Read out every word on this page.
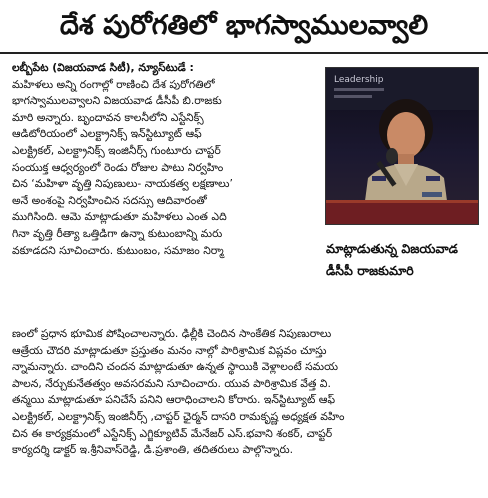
దేశ పురోగతిలో భాగస్వాములవ్వాలి
లబ్బీపేట (విజయవాడ సిటీ), న్యూస్‌టుడే :
మహిళలు అన్ని రంగాల్లో రాణించి దేశ పురోగతిలో
భాగస్వాములవ్వాలని విజయవాడ డీసీపీ బి.రాజకు
మారి అన్నారు. బృందావన కాలనీలోని ఎస్టేనిక్స్
ఆడిటోరియంలో ఎలక్ట్రానిక్స్ ఇన్‌స్టిట్యూట్ ఆఫ్
ఎలక్ట్రికల్, ఎలక్ట్రానిక్స్ ఇంజినీర్స్ గుంటూరు చాప్టర్
సంయుక్త ఆధ్వర్యంలో రెండు రోజుల పాటు నిర్వహిం
చిన ‘మహిళా వృత్తి నిపుణులు- నాయకత్వ లక్షణాలు’
అనే అంశంపై నిర్వహించిన సదస్సు ఆదివారంతో
ముగిసింది. ఆమె మాట్లాడుతూ మహిళలు ఎంత ఎది
గినా వృత్తి రీత్యా ఒత్తిడిగా ఉన్నా కుటుంబాన్ని మరు
వకూడదని సూచించారు. కుటుంబం, సమాజం నిర్మా
Leadership
మాట్లాడుతున్న విజయవాడ
డీసీపీ రాజకుమారి
ణంలో ప్రధాన భూమిక పోషించాలన్నారు. ఢిల్లీకి చెందిన సాంకేతిక నిపుణురాలు
ఆత్రేయ చౌదరి మాట్లాడుతూ ప్రస్తుతం మనం నాల్గో పారిశ్రామిక విప్లవం చూస్తు
న్నామన్నారు. చాందిని చందన మాట్లాడుతూ ఉన్నత స్థాయికి వెళ్లాలంటే సమయ
పాలన, నేర్చుకునేతత్వం అవసరమని సూచించారు. యువ పారిశ్రామిక వేత్త వి.
తన్మయి మాట్లాడుతూ పనిచేసే పనిని ఆరాధించాలని కోరారు. ఇన్‌స్టిట్యూట్ ఆఫ్
ఎలక్ట్రికల్, ఎలక్ట్రానిక్స్ ఇంజినీర్స్ ,చాప్టర్ ఛైర్మన్ దాసరి రామకృష్ణ అధ్యక్షత వహిం
చిన ఈ కార్యక్రమంలో ఎస్టేనిక్స్ ఎగ్జిక్యూటివ్ మేనేజర్ ఎస్.భవాని శంకర్, చాప్టర్
కార్యదర్శి డాక్టర్ ఇ.శ్రీనివాస్‌రెడ్డి, డి.ప్రశాంతి, తదితరులు పాల్గొన్నారు.
